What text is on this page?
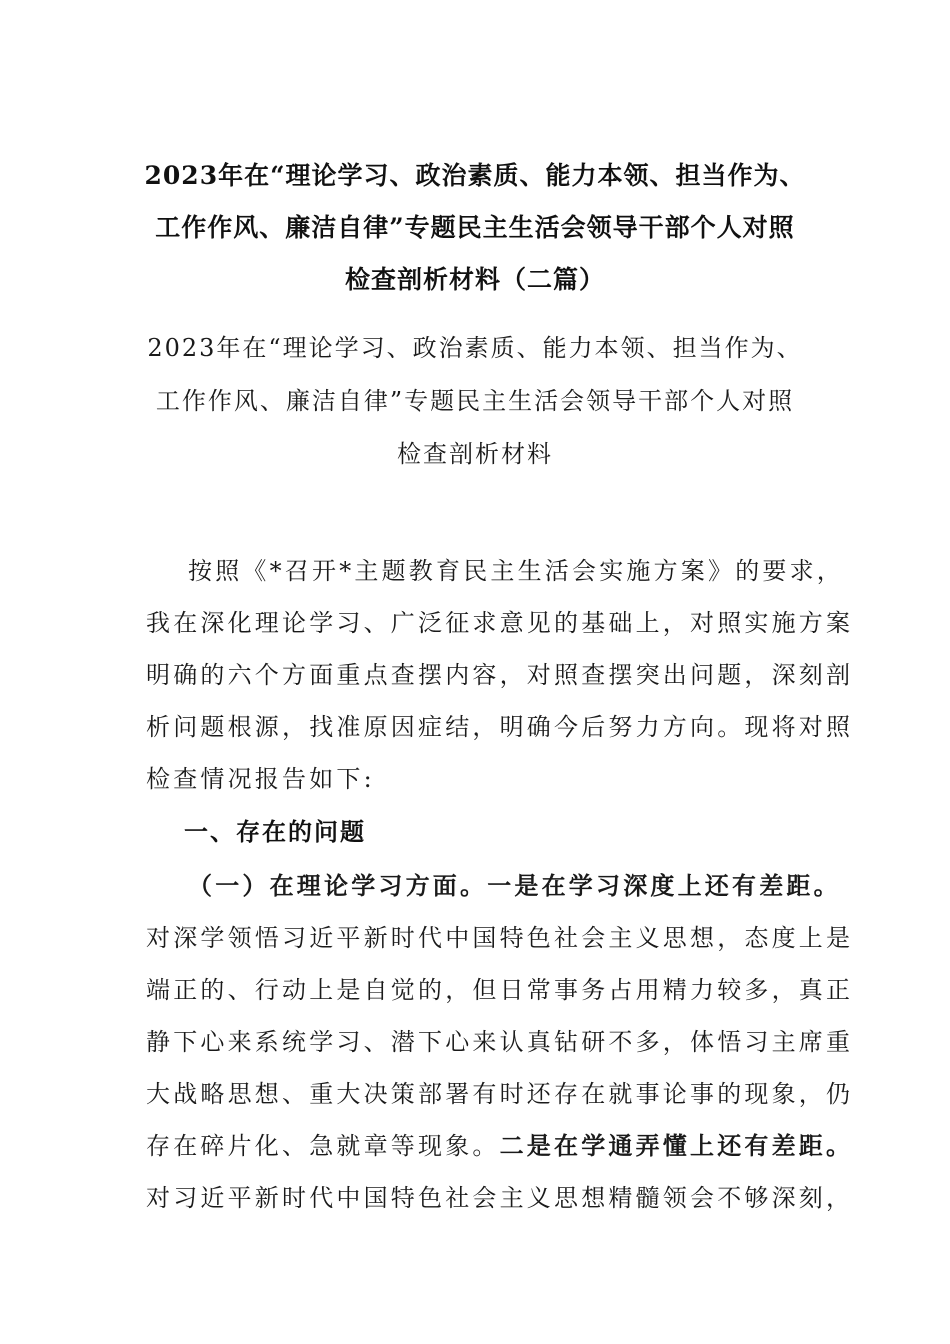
2023年在“理论学习、政治素质、能力本领、担当作为、
工作作风、廉洁自律”专题民主生活会领导干部个人对照
检查剖析材料（二篇）
2023年在“理论学习、政治素质、能力本领、担当作为、
工作作风、廉洁自律”专题民主生活会领导干部个人对照
检查剖析材料
按照《*召开*主题教育民主生活会实施方案》的要求，
我在深化理论学习、广泛征求意见的基础上，对照实施方案
明确的六个方面重点查摆内容，对照查摆突出问题，深刻剖
析问题根源，找准原因症结，明确今后努力方向。现将对照
检查情况报告如下:
一、存在的问题
（一）在理论学习方面。一是在学习深度上还有差距。
对深学领悟习近平新时代中国特色社会主义思想，态度上是
端正的、行动上是自觉的，但日常事务占用精力较多，真正
静下心来系统学习、潜下心来认真钻研不多，体悟习主席重
大战略思想、重大决策部署有时还存在就事论事的现象，仍
存在碎片化、急就章等现象。二是在学通弄懂上还有差距。
对习近平新时代中国特色社会主义思想精髓领会不够深刻，
